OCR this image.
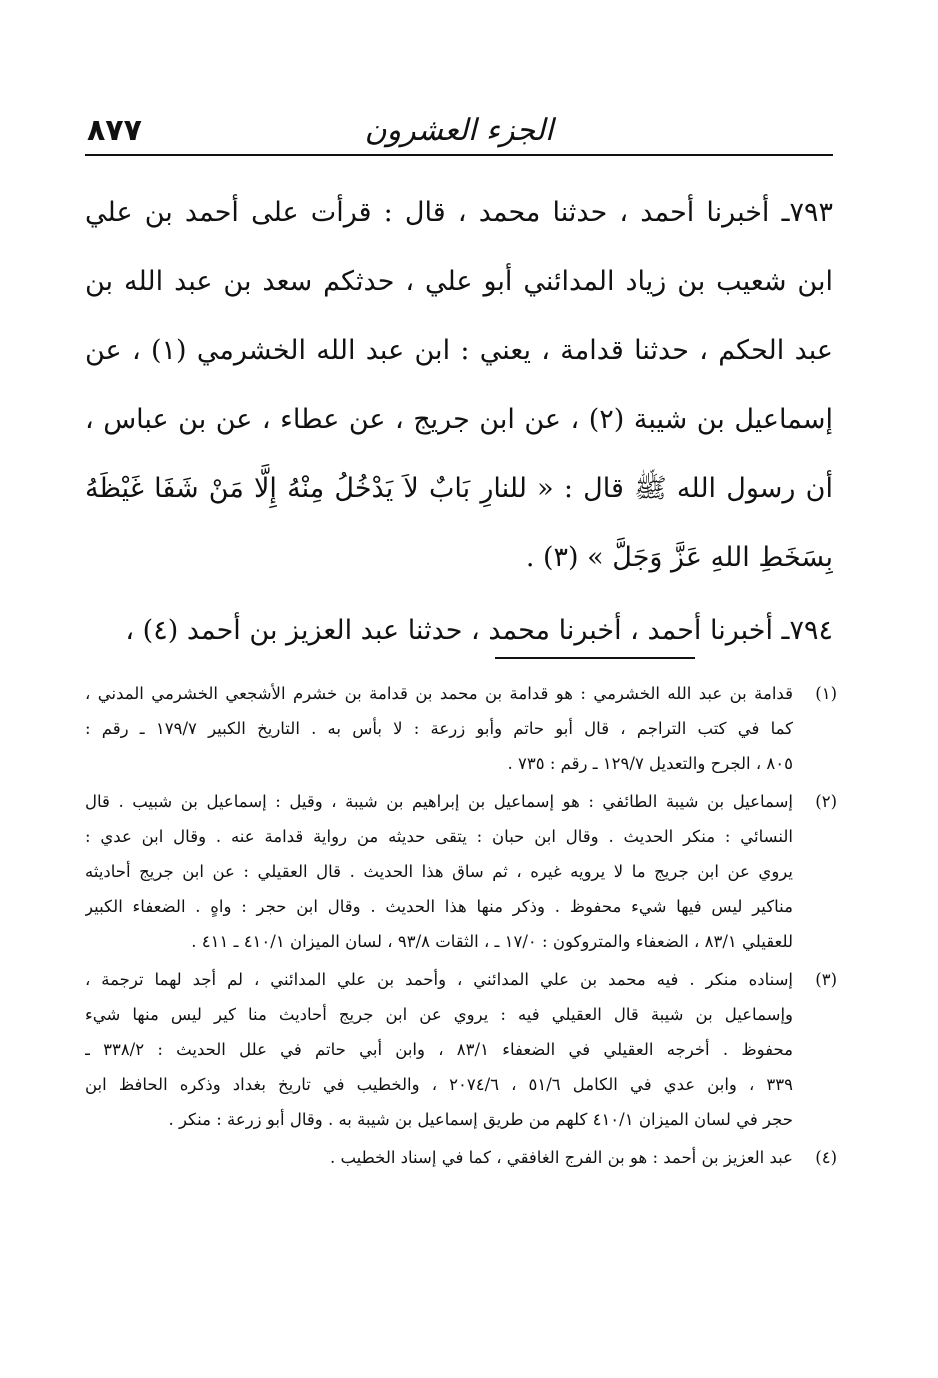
٨٧٧	الجزء العشرون
٧٩٣ـ أخبرنا أحمد ، حدثنا محمد ، قال : قرأت على أحمد بن علي
ابن شعيب بن زياد المدائني أبو علي ، حدثكم سعد بن عبد الله بن
عبد الحكم ، حدثنا قدامة ، يعني : ابن عبد الله الخشرمي (١) ، عن
إسماعيل بن شيبة (٢) ، عن ابن جريج ، عن عطاء ، عن بن عباس ،
أن رسول الله ﷺ قال : « للنارِ بَابٌ لاَ يَدْخُلُ مِنْهُ إِلَّا مَنْ شَفَا غَيْظَهُ
بِسَخَطِ اللهِ عَزَّ وَجَلَّ » (٣) .
٧٩٤ـ أخبرنا أحمد ، أخبرنا محمد ، حدثنا عبد العزيز بن أحمد (٤) ،
(١)
قدامة بن عبد الله الخشرمي : هو قدامة بن محمد بن قدامة بن خشرم الأشجعي الخشرمي المدني ،
كما في كتب التراجم ، قال أبو حاتم وأبو زرعة : لا بأس به . التاريخ الكبير ١٧٩/٧ ـ رقم :
٨٠٥ ، الجرح والتعديل ١٢٩/٧ ـ رقم : ٧٣٥ .
(٢)
إسماعيل بن شيبة الطائفي : هو إسماعيل بن إبراهيم بن شيبة ، وقيل : إسماعيل بن شبيب . قال
النسائي : منكر الحديث . وقال ابن حبان : يتقى حديثه من رواية قدامة عنه . وقال ابن عدي :
يروي عن ابن جريج ما لا يرويه غيره ، ثم ساق هذا الحديث . قال العقيلي : عن ابن جريج أحاديثه
مناكير ليس فيها شيء محفوظ . وذكر منها هذا الحديث . وقال ابن حجر : واهٍ . الضعفاء الكبير
للعقيلي ٨٣/١ ، الضعفاء والمتروكون : ١٧/٠ ـ ، الثقات ٩٣/٨ ، لسان الميزان ٤١٠/١ ـ ٤١١ .
(٣)
إسناده منكر . فيه محمد بن علي المدائني ، وأحمد بن علي المدائني ، لم أجد لهما ترجمة ،
وإسماعيل بن شيبة قال العقيلي فيه : يروي عن ابن جريج أحاديث منا كير ليس منها شيء
محفوظ . أخرجه العقيلي في الضعفاء ٨٣/١ ، وابن أبي حاتم في علل الحديث : ٣٣٨/٢ ـ
٣٣٩ ، وابن عدي في الكامل ٥١/٦ ، ٢٠٧٤/٦ ، والخطيب في تاريخ بغداد وذكره الحافظ ابن
حجر في لسان الميزان ٤١٠/١ كلهم من طريق إسماعيل بن شيبة به . وقال أبو زرعة : منكر .
(٤)
عبد العزيز بن أحمد : هو بن الفرج الغافقي ، كما في إسناد الخطيب .
